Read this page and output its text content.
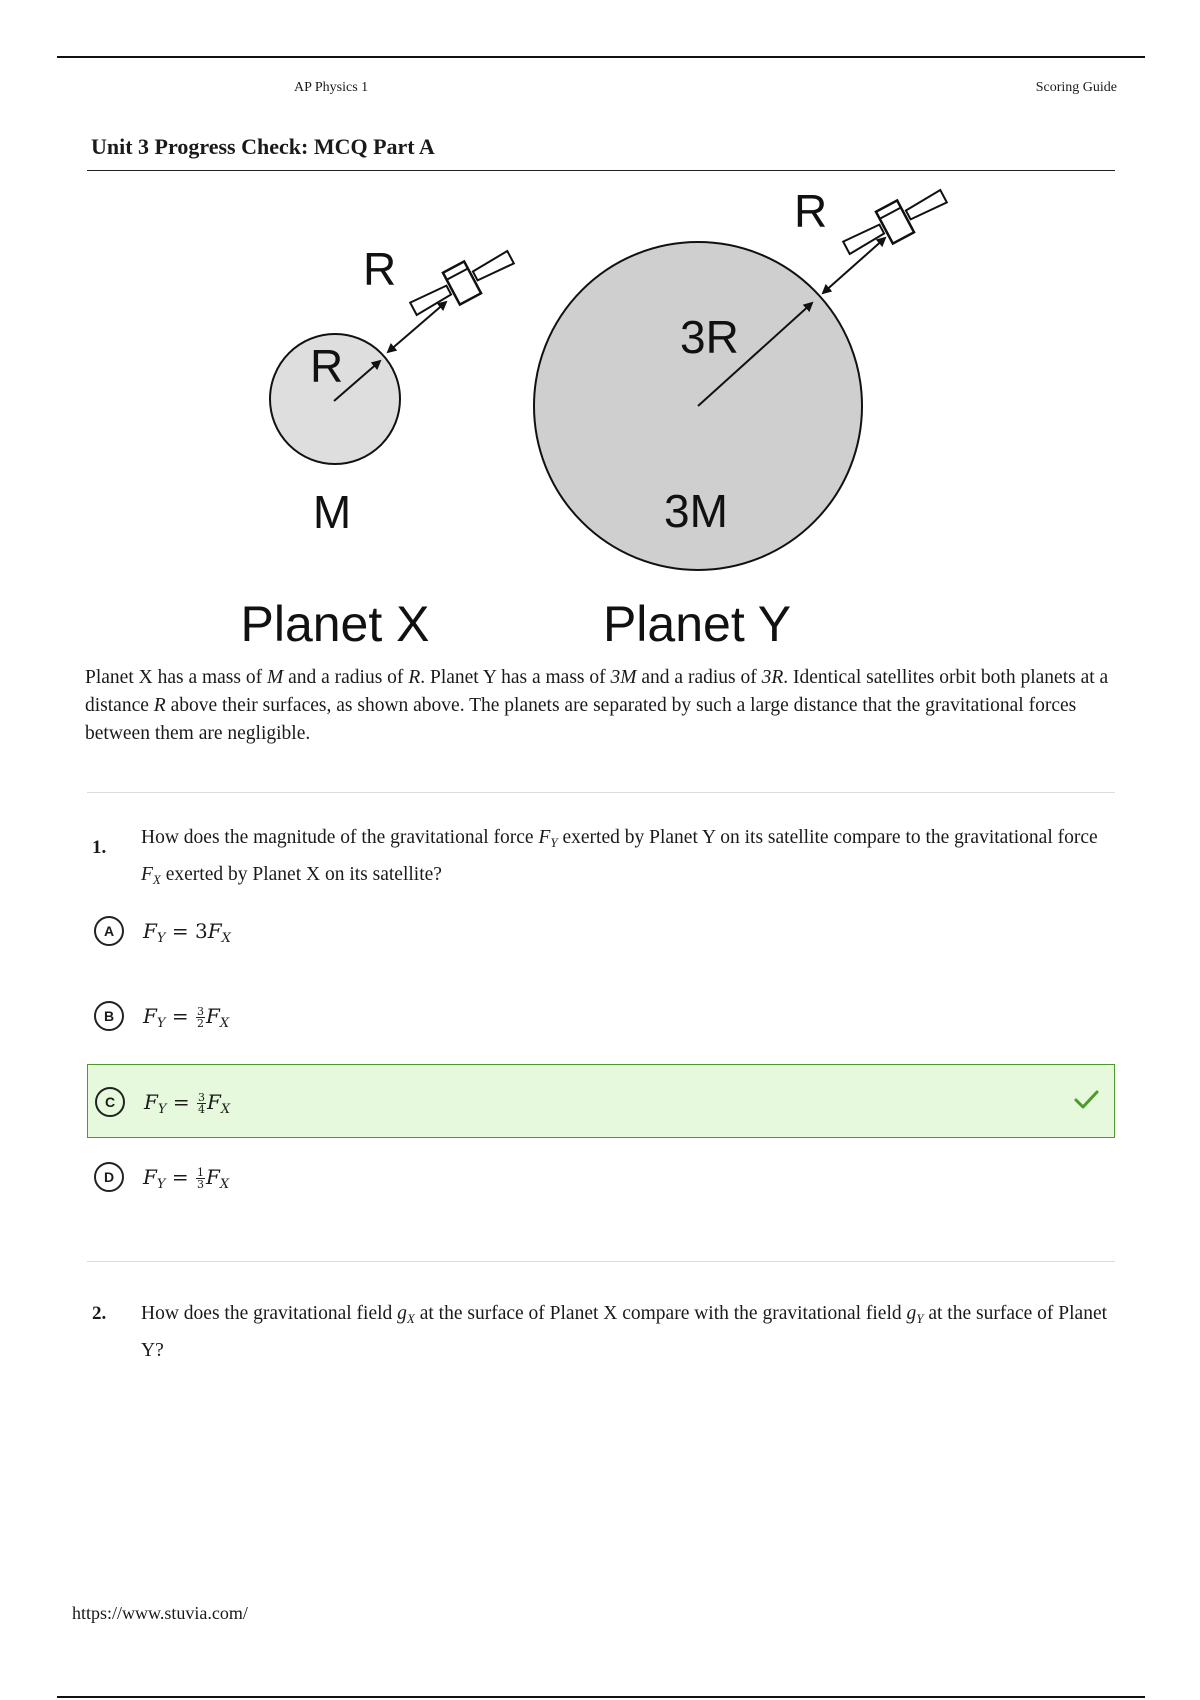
AP Physics 1	Scoring Guide
Unit 3 Progress Check: MCQ Part A
R
R
M
Planet X
3R
R
3M
Planet Y

Planet X has a mass of M and a radius of R. Planet Y has a mass of 3M and a radius of 3R. Identical satellites orbit both planets at a distance R above their surfaces, as shown above. The planets are separated by such a large distance that the gravitational forces between them are negligible.

1. How does the magnitude of the gravitational force $F_Y$ exerted by Planet Y on its satellite compare to the gravitational force $F_X$ exerted by Planet X on its satellite?

A $F_Y = 3F_X$
B $F_Y = \frac{3}{2} F_X$
C $F_Y = \frac{3}{4} F_X$
D $F_Y = \frac{1}{3} F_X$
2. How does the gravitational field $g_X$ at the surface of Planet X compare with the gravitational field $g_Y$ at the surface of Planet Y?

https://www.stuvia.com/
